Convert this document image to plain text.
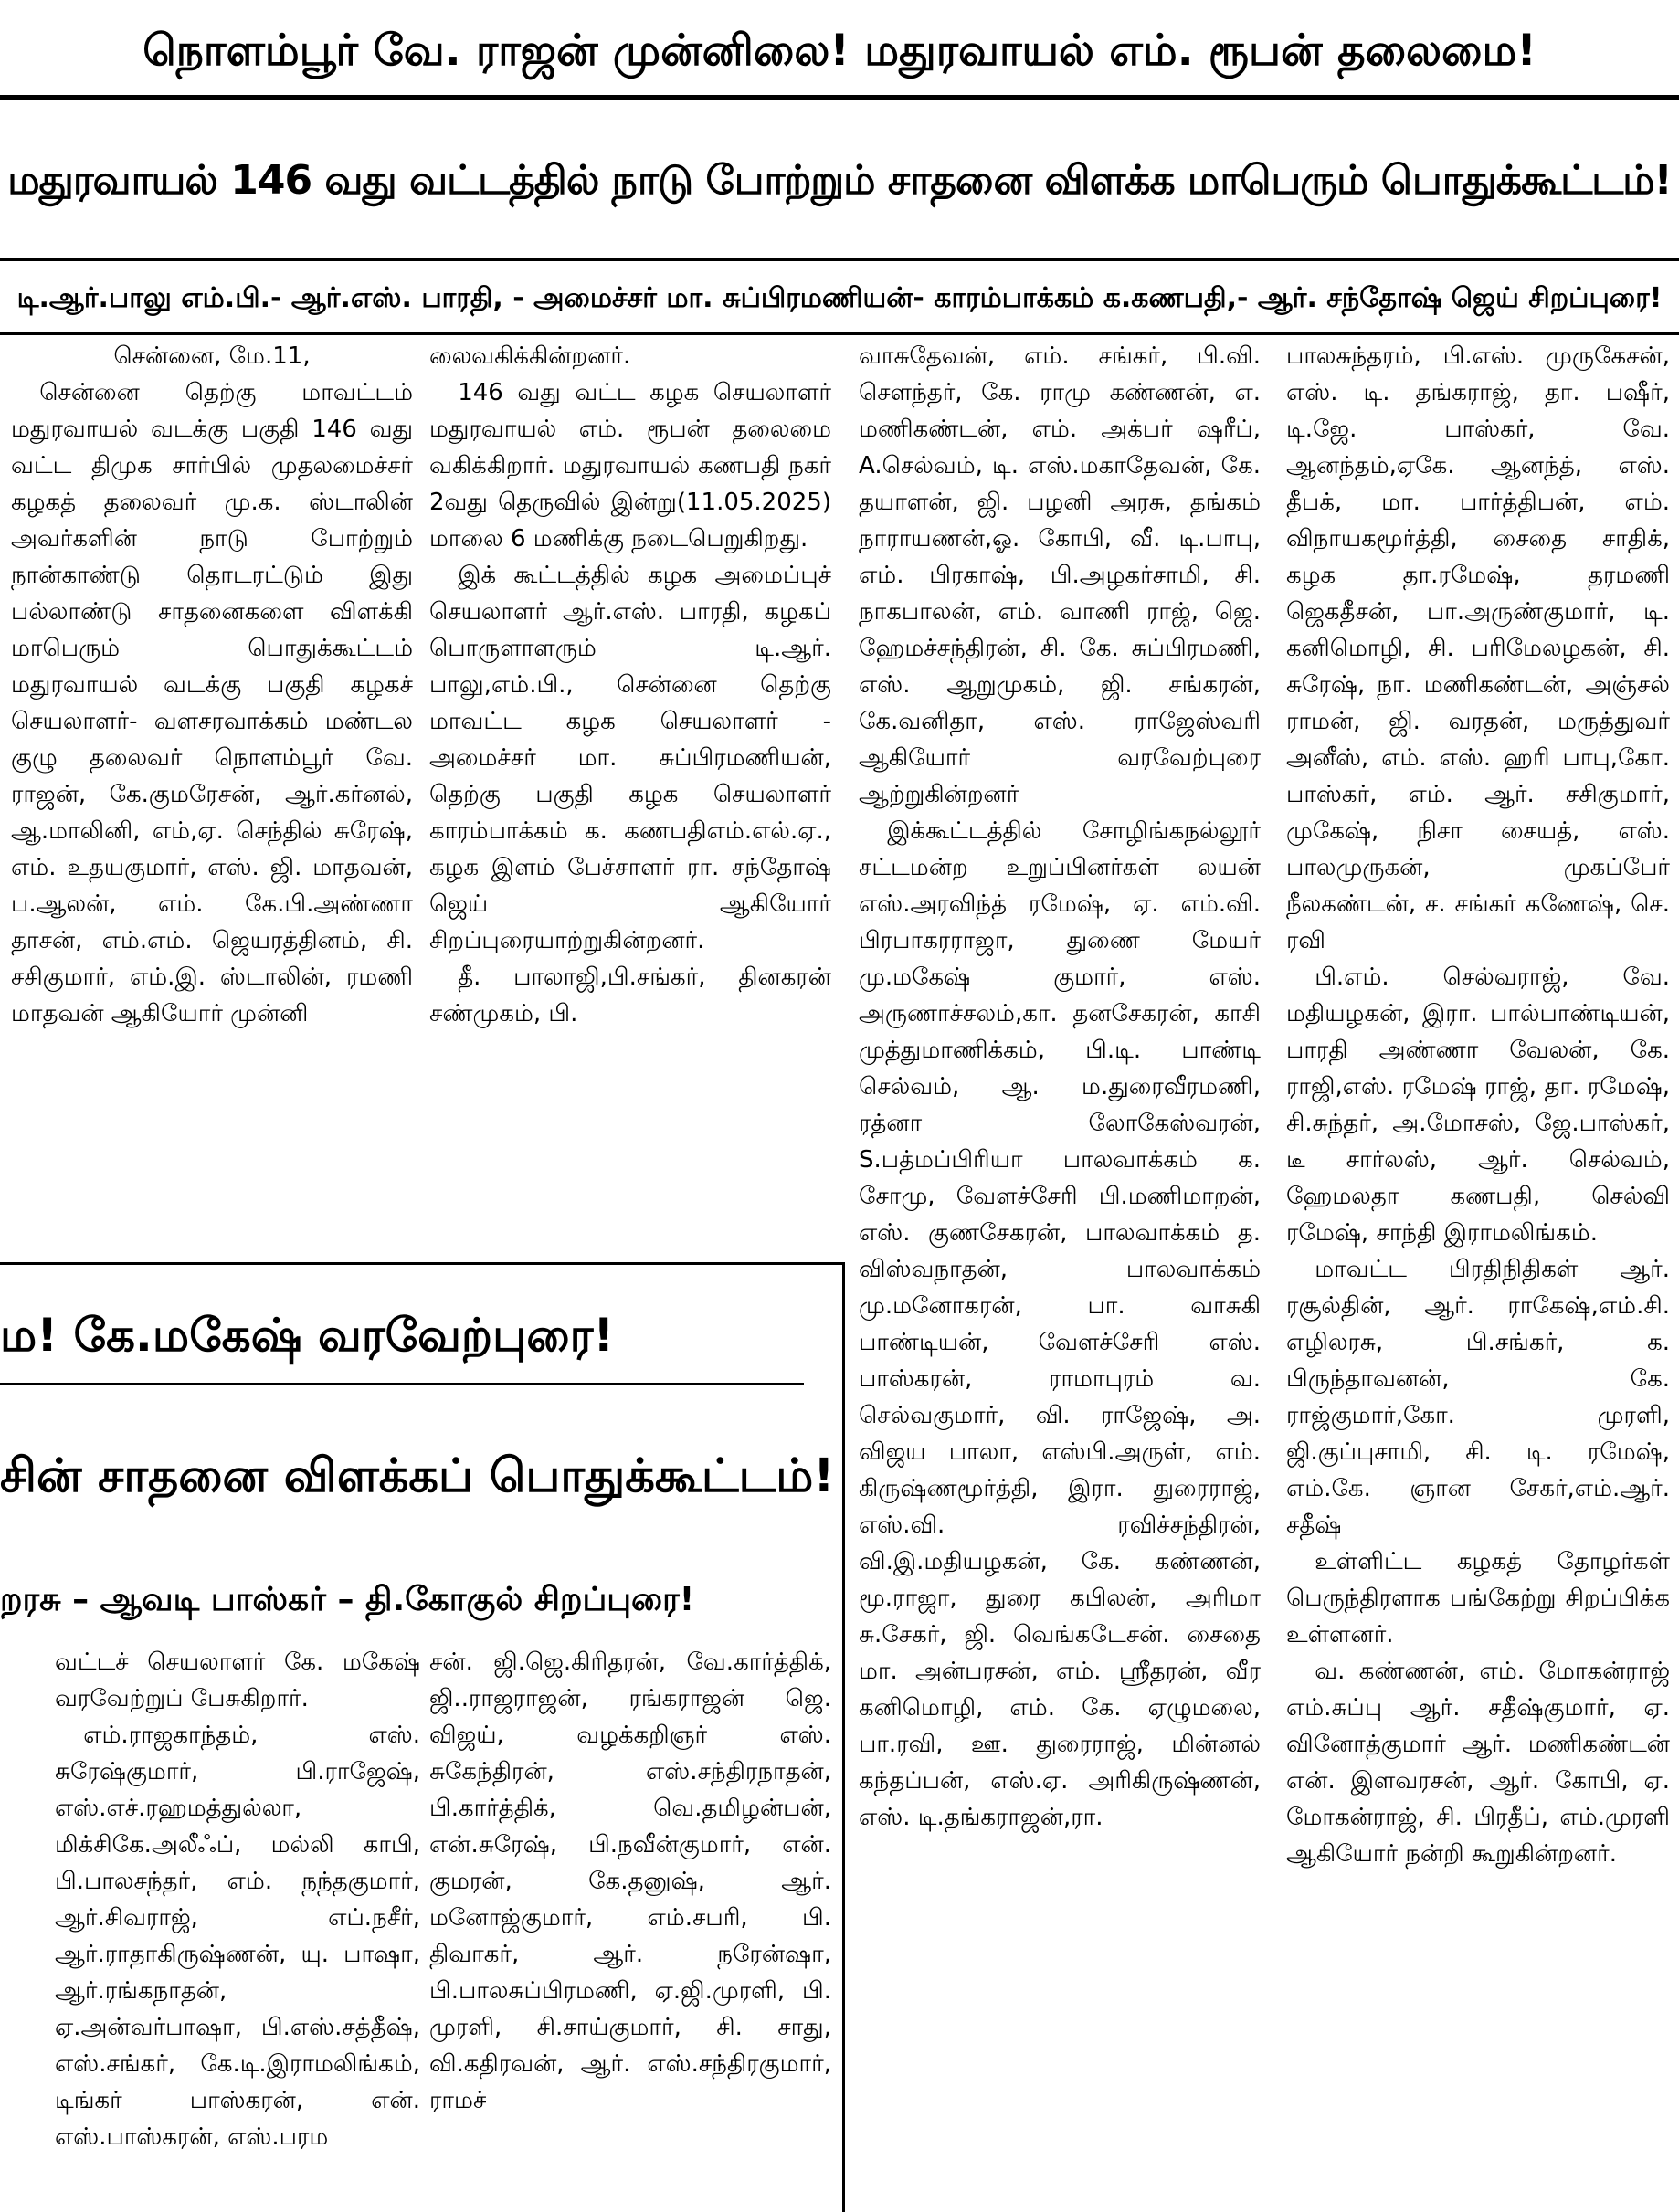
நொளம்பூர் வே. ராஜன் முன்னிலை! மதுரவாயல் எம். ரூபன் தலைமை!
மதுரவாயல் 146 வது வட்டத்தில் நாடு போற்றும் சாதனை விளக்க மாபெரும் பொதுக்கூட்டம்!
டி.ஆர்.பாலு எம்.பி.- ஆர்.எஸ். பாரதி, - அமைச்சர் மா. சுப்பிரமணியன்- காரம்பாக்கம் க.கணபதி,- ஆர். சந்தோஷ் ஜெய் சிறப்புரை!

சென்னை, மே.11,

சென்னை தெற்கு மாவட்டம் மதுரவாயல் வடக்கு பகுதி 146 வது வட்ட திமுக சார்பில் முதலமைச்சர் கழகத் தலைவர் மு.க. ஸ்டாலின் அவர்களின் நாடு போற்றும் நான்காண்டு தொடரட்டும் இது பல்லாண்டு சாதனைகளை விளக்கி மாபெரும் பொதுக்கூட்டம் மதுரவாயல் வடக்கு பகுதி கழகச் செயலாளர்- வளசரவாக்கம் மண்டல குழு தலைவர் நொளம்பூர் வே. ராஜன், கே.குமரேசன், ஆர்.கர்னல், ஆ.மாலினி, எம்,ஏ. செந்தில் சுரேஷ், எம். உதயகுமார், எஸ். ஜி. மாதவன், ப.ஆலன், எம். கே.பி.அண்ணா தாசன், எம்.எம். ஜெயரத்தினம், சி. சசிகுமார், எம்.இ. ஸ்டாலின், ரமணி மாதவன் ஆகியோர் முன்னி

லைவகிக்கின்றனர்.

146 வது வட்ட கழக செயலாளர் மதுரவாயல் எம். ரூபன் தலைமை வகிக்கிறார். மதுரவாயல் கணபதி நகர் 2வது தெருவில் இன்று(11.05.2025) மாலை 6 மணிக்கு நடைபெறுகிறது.

இக் கூட்டத்தில் கழக அமைப்புச் செயலாளர் ஆர்.எஸ். பாரதி, கழகப் பொருளாளரும் டி.ஆர். பாலு,எம்.பி., சென்னை தெற்கு மாவட்ட கழக செயலாளர் - அமைச்சர் மா. சுப்பிரமணியன், தெற்கு பகுதி கழக செயலாளர் காரம்பாக்கம் க. கணபதிஎம்.எல்.ஏ., கழக இளம் பேச்சாளர் ரா. சந்தோஷ் ஜெய் ஆகியோர் சிறப்புரையாற்றுகின்றனர்.

தீ. பாலாஜி,பி.சங்கர், தினகரன் சண்முகம், பி.

வாசுதேவன், எம். சங்கர், பி.வி. சௌந்தர், கே. ராமு கண்ணன், எ. மணிகண்டன், எம். அக்பர் ஷரீப், A.செல்வம், டி. எஸ்.மகாதேவன், கே. தயாளன், ஜி. பழனி அரசு, தங்கம் நாராயணன்,ஓ. கோபி, வீ. டி.பாபு, எம். பிரகாஷ், பி.அழகர்சாமி, சி. நாகபாலன், எம். வாணி ராஜ், ஜெ. ஹேமச்சந்திரன், சி. கே. சுப்பிரமணி, எஸ். ஆறுமுகம், ஜி. சங்கரன், கே.வனிதா, எஸ். ராஜேஸ்வரி ஆகியோர் வரவேற்புரை ஆற்றுகின்றனர்

இக்கூட்டத்தில் சோழிங்கநல்லூர் சட்டமன்ற உறுப்பினர்கள் லயன் எஸ்.அரவிந்த் ரமேஷ், ஏ. எம்.வி. பிரபாகரராஜா, துணை மேயர் மு.மகேஷ் குமார், எஸ். அருணாச்சலம்,கா. தனசேகரன், காசி முத்துமாணிக்கம், பி.டி. பாண்டி செல்வம், ஆ. ம.துரைவீரமணி, ரத்னா லோகேஸ்வரன், S.பத்மப்பிரியா பாலவாக்கம் க. சோமு, வேளச்சேரி பி.மணிமாறன், எஸ். குணசேகரன், பாலவாக்கம் த. விஸ்வநாதன், பாலவாக்கம் மு.மனோகரன், பா. வாசுகி பாண்டியன், வேளச்சேரி எஸ். பாஸ்கரன், ராமாபுரம் வ. செல்வகுமார், வி. ராஜேஷ், அ. விஜய பாலா, எஸ்பி.அருள், எம். கிருஷ்ணமூர்த்தி, இரா. துரைராஜ், எஸ்.வி. ரவிச்சந்திரன், வி.இ.மதியழகன், கே. கண்ணன், மூ.ராஜா, துரை கபிலன், அரிமா சு.சேகர், ஜி. வெங்கடேசன். சைதை மா. அன்பரசன், எம். ஸ்ரீதரன், வீர கனிமொழி, எம். கே. ஏழுமலை, பா.ரவி, ஊ. துரைராஜ், மின்னல் கந்தப்பன், எஸ்.ஏ. அரிகிருஷ்ணன், எஸ். டி.தங்கராஜன்,ரா.

பாலசுந்தரம், பி.எஸ். முருகேசன், எஸ். டி. தங்கராஜ், தா. பஷீர், டி.ஜே. பாஸ்கர், வே. ஆனந்தம்,ஏகே. ஆனந்த், எஸ். தீபக், மா. பார்த்திபன், எம். விநாயகமூர்த்தி, சைதை சாதிக், கழக தா.ரமேஷ், தரமணி ஜெகதீசன், பா.அருண்குமார், டி. கனிமொழி, சி. பரிமேலழகன், சி. சுரேஷ், நா. மணிகண்டன், அஞ்சல் ராமன், ஜி. வரதன், மருத்துவர் அனீஸ், எம். எஸ். ஹரி பாபு,கோ. பாஸ்கர், எம். ஆர். சசிகுமார், முகேஷ், நிசா சையத், எஸ். பாலமுருகன், முகப்பேர் நீலகண்டன், ச. சங்கர் கணேஷ், செ. ரவி

பி.எம். செல்வராஜ், வே. மதியழகன், இரா. பால்பாண்டியன், பாரதி அண்ணா வேலன், கே. ராஜி,எஸ். ரமேஷ் ராஜ், தா. ரமேஷ், சி.சுந்தர், அ.மோசஸ், ஜே.பாஸ்கர், டீ சார்லஸ், ஆர். செல்வம், ஹேமலதா கணபதி, செல்வி ரமேஷ், சாந்தி இராமலிங்கம்.

மாவட்ட பிரதிநிதிகள் ஆர். ரசூல்தின், ஆர். ராகேஷ்,எம்.சி. எழிலரசு, பி.சங்கர், க. பிருந்தாவனன், கே. ராஜ்குமார்,கோ. முரளி, ஜி.குப்புசாமி, சி. டி. ரமேஷ், எம்.கே. ஞான சேகர்,எம்.ஆர். சதீஷ்

உள்ளிட்ட கழகத் தோழர்கள் பெருந்திரளாக பங்கேற்று சிறப்பிக்க உள்ளனர்.

வ. கண்ணன், எம். மோகன்ராஜ் எம்.சுப்பு ஆர். சதீஷ்குமார், ஏ. வினோத்குமார் ஆர். மணிகண்டன் என். இளவரசன், ஆர். கோபி, ஏ. மோகன்ராஜ், சி. பிரதீப், எம்.முரளி ஆகியோர் நன்றி கூறுகின்றனர்.

ம! கே.மகேஷ் வரவேற்புரை!
சின் சாதனை விளக்கப் பொதுக்கூட்டம்!
றரசு – ஆவடி பாஸ்கர் – தி.கோகுல் சிறப்புரை!

வட்டச் செயலாளர் கே. மகேஷ் வரவேற்றுப் பேசுகிறார்.

எம்.ராஜகாந்தம், எஸ். சுரேஷ்குமார், பி.ராஜேஷ், எஸ்.எச்.ரஹமத்துல்லா, மிக்சிகே.அலீஃப், மல்லி காபி, பி.பாலசந்தர், எம். நந்தகுமார், ஆர்.சிவராஜ், எப்.நசீர், ஆர்.ராதாகிருஷ்ணன், யு. பாஷா, ஆர்.ரங்கநாதன், ஏ.அன்வர்பாஷா, பி.எஸ்.சத்தீஷ், எஸ்.சங்கர், கே.டி.இராமலிங்கம், டிங்கர் பாஸ்கரன், என். எஸ்.பாஸ்கரன், எஸ்.பரம

சன். ஜி.ஜெ.கிரிதரன், வே.கார்த்திக், ஜி..ராஜராஜன், ரங்கராஜன் ஜெ. விஜய், வழக்கறிஞர் எஸ். சுகேந்திரன், எஸ்.சந்திரநாதன், பி.கார்த்திக், வெ.தமிழன்பன், என்.சுரேஷ், பி.நவீன்குமார், என். குமரன், கே.தனுஷ், ஆர். மனோஜ்குமார், எம்.சபரி, பி. திவாகர், ஆர். நரேன்ஷா, பி.பாலசுப்பிரமணி, ஏ.ஜி.முரளி, பி. முரளி, சி.சாய்குமார், சி. சாது, வி.கதிரவன், ஆர். எஸ்.சந்திரகுமார், ராமச்
